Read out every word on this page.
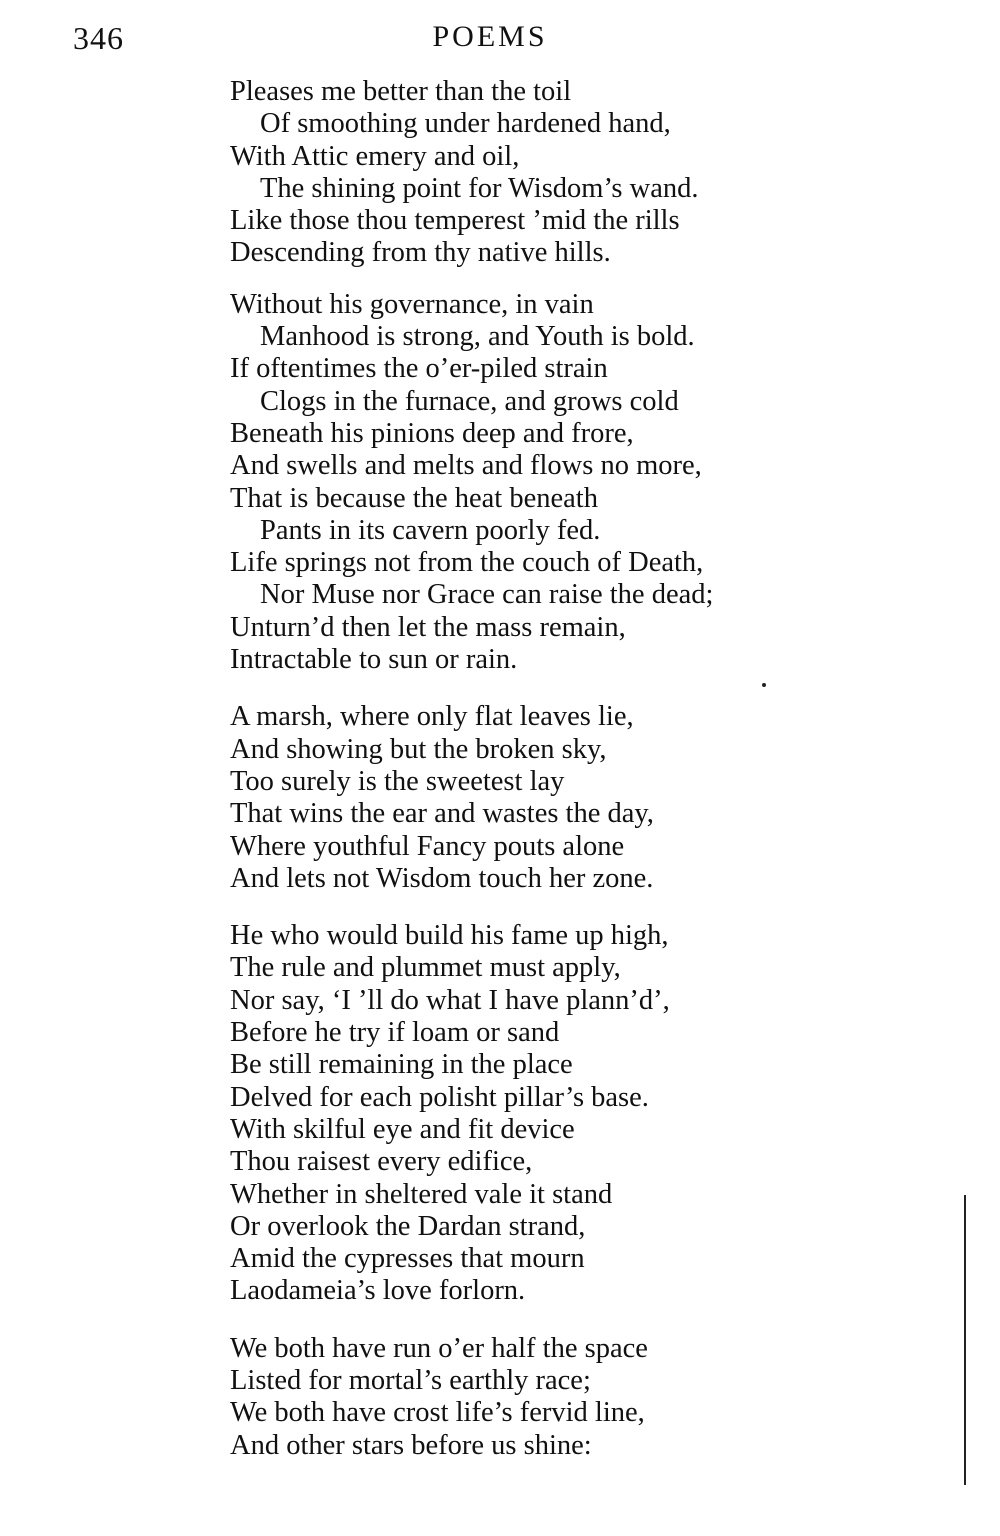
346	POEMS
Pleases me better than the toil
Of smoothing under hardened hand,
With Attic emery and oil,
The shining point for Wisdom’s wand.
Like those thou temperest ’mid the rills
Descending from thy native hills.
Without his governance, in vain
Manhood is strong, and Youth is bold.
If oftentimes the o’er-piled strain
Clogs in the furnace, and grows cold
Beneath his pinions deep and frore,
And swells and melts and flows no more,
That is because the heat beneath
Pants in its cavern poorly fed.
Life springs not from the couch of Death,
Nor Muse nor Grace can raise the dead;
Unturn’d then let the mass remain,
Intractable to sun or rain.
A marsh, where only flat leaves lie,
And showing but the broken sky,
Too surely is the sweetest lay
That wins the ear and wastes the day,
Where youthful Fancy pouts alone
And lets not Wisdom touch her zone.
He who would build his fame up high,
The rule and plummet must apply,
Nor say, ‘I ’ll do what I have plann’d’,
Before he try if loam or sand
Be still remaining in the place
Delved for each polisht pillar’s base.
With skilful eye and fit device
Thou raisest every edifice,
Whether in sheltered vale it stand
Or overlook the Dardan strand,
Amid the cypresses that mourn
Laodameia’s love forlorn.
We both have run o’er half the space
Listed for mortal’s earthly race;
We both have crost life’s fervid line,
And other stars before us shine:
